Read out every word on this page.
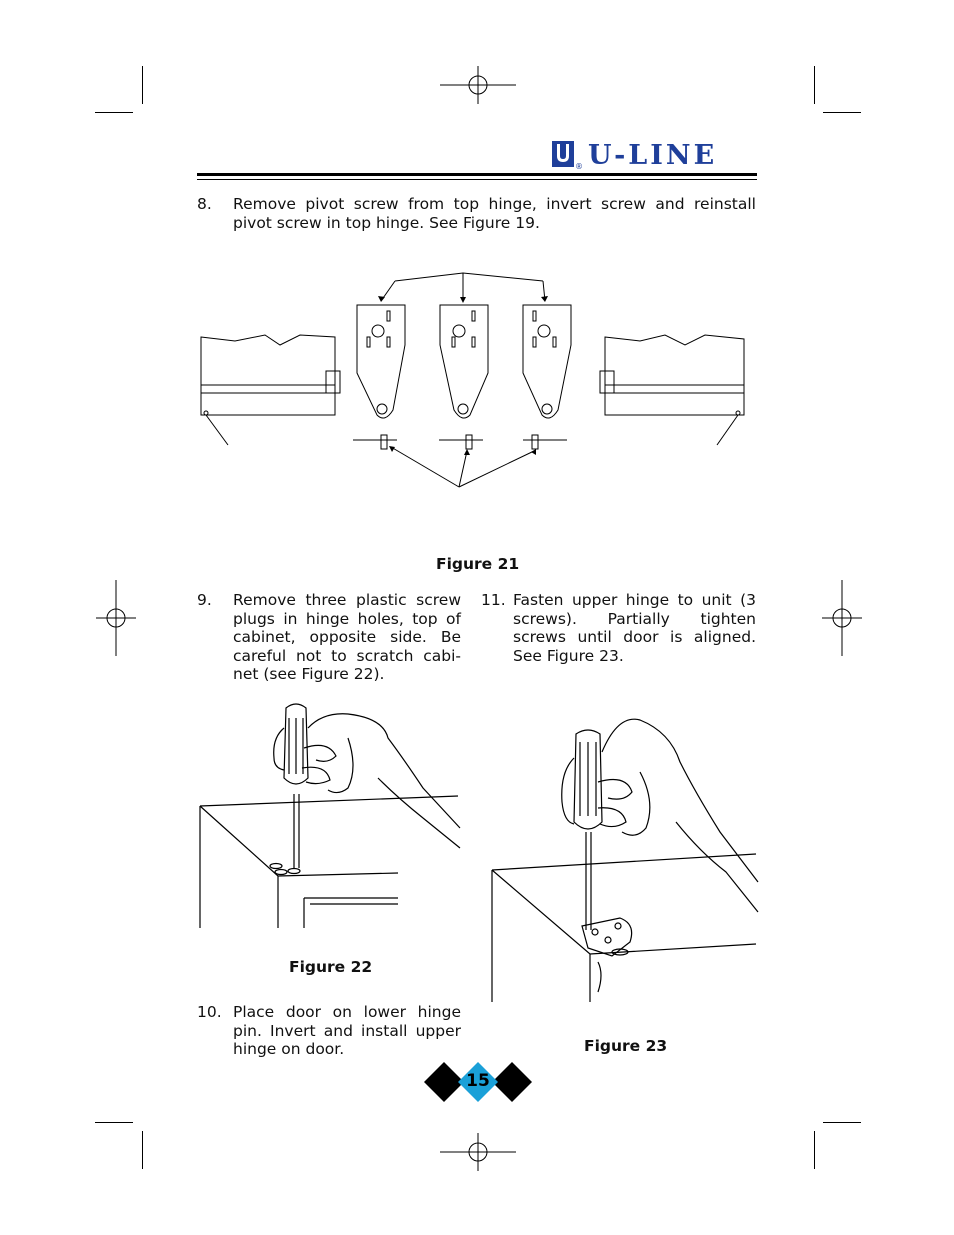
® U-LINE
8. Remove pivot screw from top hinge, invert screw and reinstall pivot screw in top hinge. See Figure 19.
Figure 21
9. Remove three plastic screw plugs in hinge holes, top of cabinet, opposite side. Be careful not to scratch cabi-net (see Figure 22).
11. Fasten upper hinge to unit (3 screws). Partially tighten screws until door is aligned. See Figure 23.
Figure 22
10. Place door on lower hinge pin. Invert and install upper hinge on door.	Figure 23
15
